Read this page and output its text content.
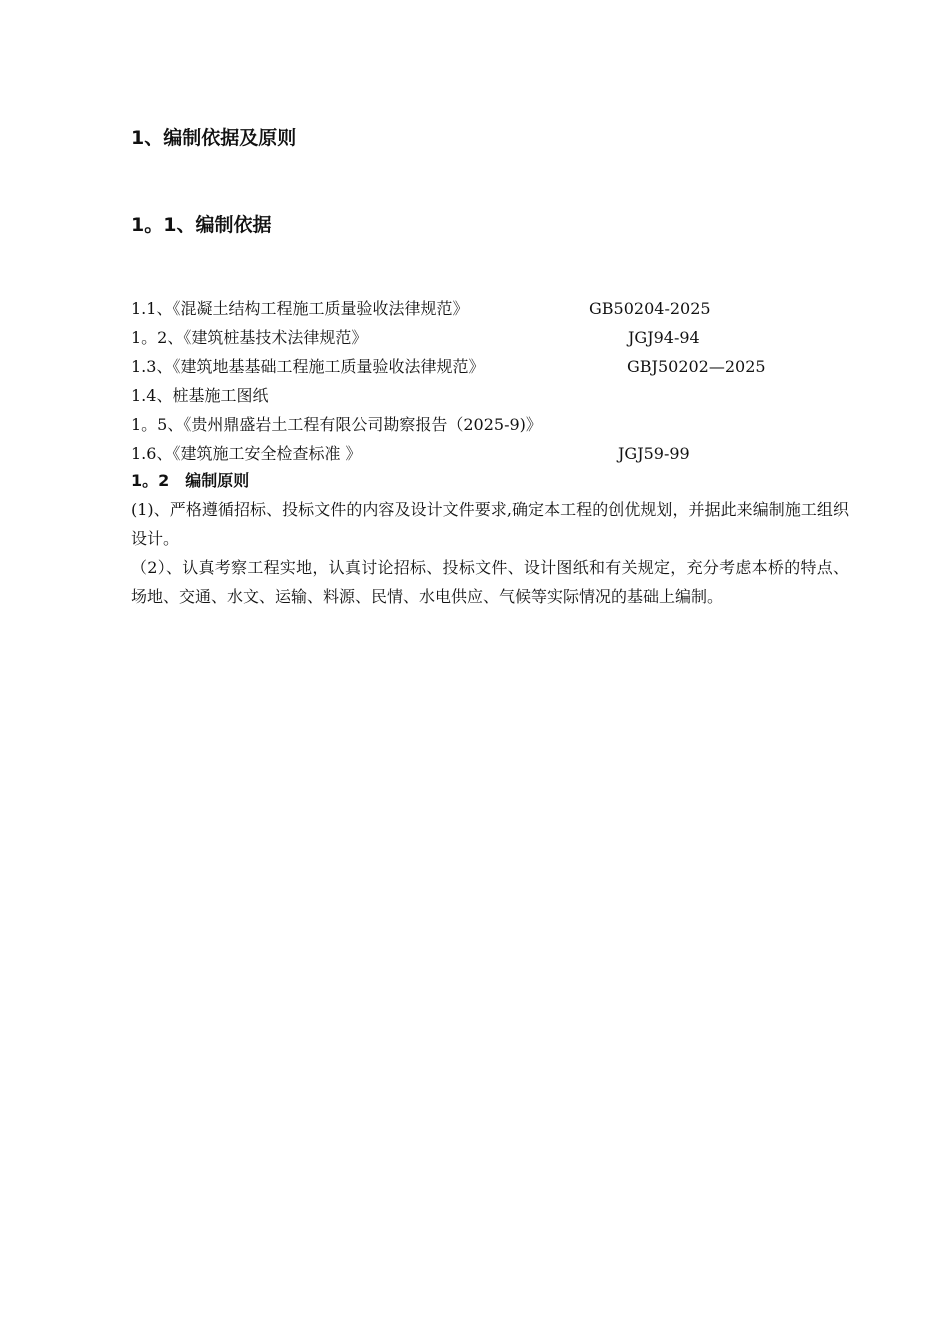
1、编制依据及原则
1。1、编制依据
1.1、《混凝土结构工程施工质量验收法律规范》	GB50204-2025
1。2、《建筑桩基技术法律规范》	JGJ94-94
1.3、《建筑地基基础工程施工质量验收法律规范》	GBJ50202—2025
1.4、桩基施工图纸
1。5、《贵州鼎盛岩土工程有限公司勘察报告（2025-9)》
1.6、《建筑施工安全检查标准 》	JGJ59-99
1。2　编制原则

(1)、严格遵循招标、投标文件的内容及设计文件要求,确定本工程的创优规划，并据此来编制施工组织设计。

（2）、认真考察工程实地，认真讨论招标、投标文件、设计图纸和有关规定，充分考虑本桥的特点、场地、交通、水文、运输、料源、民情、水电供应、气候等实际情况的基础上编制。
